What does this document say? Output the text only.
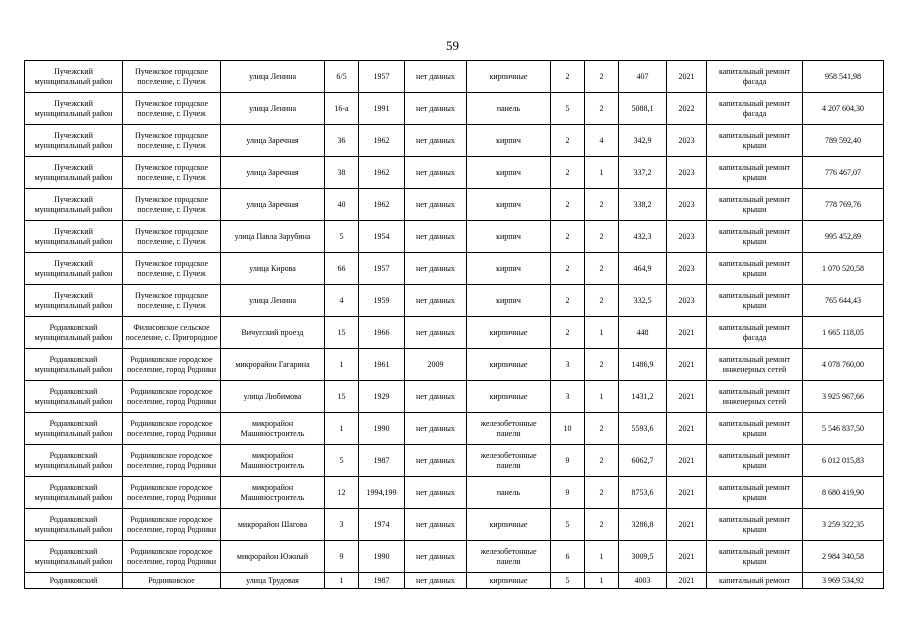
59
Пучежский муниципальный район	Пучежское городское поселение, г. Пучеж	улица Ленина	6/5	1957	нет данных	кирпичные	2	2	407	2021	капитальный ремонт фасада	958 541,98
Пучежский муниципальный район	Пучежское городское поселение, г. Пучеж	улица Ленина	16-а	1991	нет данных	панель	5	2	5088,1	2022	капитальный ремонт фасада	4 207 604,30
Пучежский муниципальный район	Пучежское городское поселение, г. Пучеж	улица Заречная	36	1962	нет данных	кирпич	2	4	342,9	2023	капитальный ремонт крыши	789 592,40
Пучежский муниципальный район	Пучежское городское поселение, г. Пучеж	улица Заречная	38	1962	нет данных	кирпич	2	1	337,2	2023	капитальный ремонт крыши	776 467,07
Пучежский муниципальный район	Пучежское городское поселение, г. Пучеж	улица Заречная	40	1962	нет данных	кирпич	2	2	338,2	2023	капитальный ремонт крыши	778 769,76
Пучежский муниципальный район	Пучежское городское поселение, г. Пучеж	улица Павла Зарубина	5	1954	нет данных	кирпич	2	2	432,3	2023	капитальный ремонт крыши	995 452,89
Пучежский муниципальный район	Пучежское городское поселение, г. Пучеж	улица Кирова	66	1957	нет данных	кирпич	2	2	464,9	2023	капитальный ремонт крыши	1 070 520,58
Пучежский муниципальный район	Пучежское городское поселение, г. Пучеж	улица Ленина	4	1959	нет данных	кирпич	2	2	332,5	2023	капитальный ремонт крыши	765 644,43
Родниковский муниципальный район	Филисовское сельское поселение, с. Пригородное	Вичугский проезд	15	1966	нет данных	кирпичные	2	1	448	2021	капитальный ремонт фасада	1 665 118,05
Родниковский муниципальный район	Родниковское городское поселение, город Родники	микрорайон Гагарина	1	1961	2009	кирпичные	3	2	1486,9	2021	капитальный ремонт инженерных сетей	4 078 760,00
Родниковский муниципальный район	Родниковское городское поселение, город Родники	улица Любимова	15	1929	нет данных	кирпичные	3	1	1431,2	2021	капитальный ремонт инженерных сетей	3 925 967,66
Родниковский муниципальный район	Родниковское городское поселение, город Родники	микрорайон Машиностроитель	1	1990	нет данных	железобетонные панели	10	2	5593,6	2021	капитальный ремонт крыши	5 546 837,50
Родниковский муниципальный район	Родниковское городское поселение, город Родники	микрорайон Машиностроитель	5	1987	нет данных	железобетонные панели	9	2	6062,7	2021	капитальный ремонт крыши	6 012 015,83
Родниковский муниципальный район	Родниковское городское поселение, город Родники	микрорайон Машиностроитель	12	1994,199	нет данных	панель	9	2	8753,6	2021	капитальный ремонт крыши	8 680 419,90
Родниковский муниципальный район	Родниковское городское поселение, город Родники	микрорайон Шагова	3	1974	нет данных	кирпичные	5	2	3286,8	2021	капитальный ремонт крыши	3 259 322,35
Родниковский муниципальный район	Родниковское городское поселение, город Родники	микрорайон Южный	9	1990	нет данных	железобетонные панели	6	1	3009,5	2021	капитальный ремонт крыши	2 984 340,58
Родниковский	Родниковское	улица Трудовая	1	1987	нет данных	кирпичные	5	1	4003	2021	капитальный ремонт	3 969 534,92
